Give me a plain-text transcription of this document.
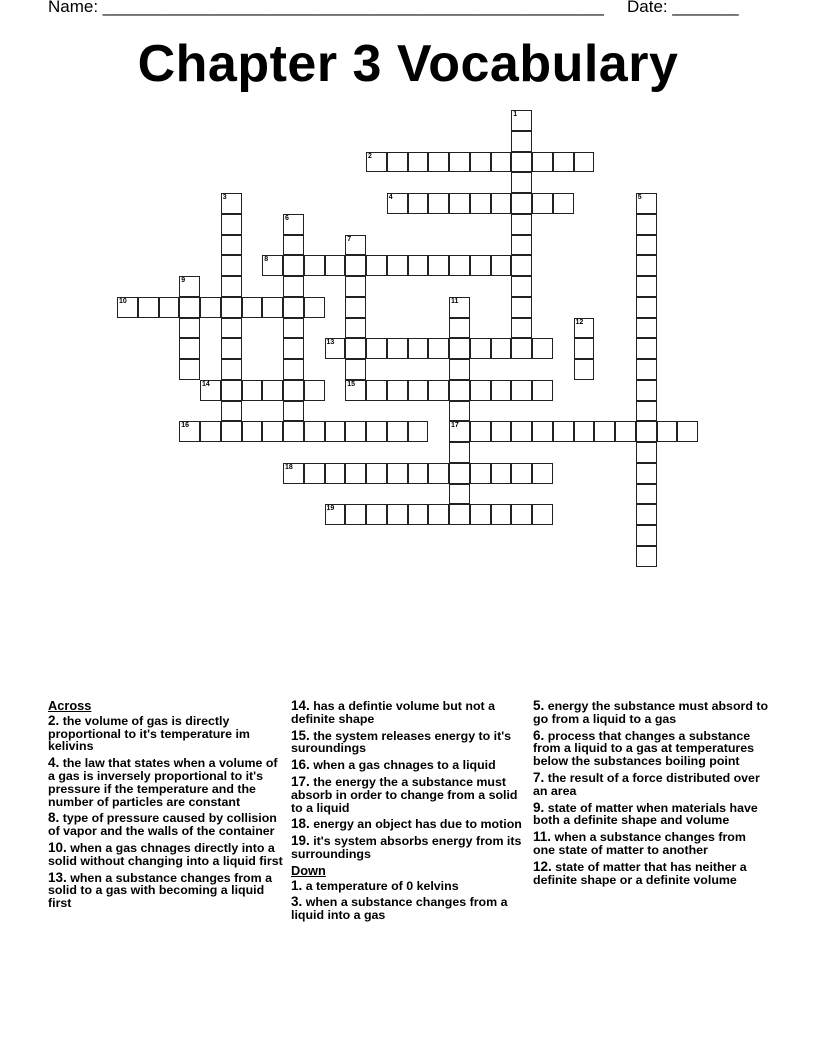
Name: _____________________________________________________ Date: _______
Chapter 3 Vocabulary
1
2
3	4	5
6
7
15
8
9
10	11
17
12
13
14
16
18
19
Across
2. the volume of gas is directly proportional to it's temperature im kelivins
4. the law that states when a volume of a gas is inversely proportional to it's pressure if the temperature and the number of particles are constant
8. type of pressure caused by collision of vapor and the walls of the container
10. when a gas chnages directly into a solid without changing into a liquid first
13. when a substance changes from a solid to a gas with becoming a liquid first
14. has a defintie volume but not a definite shape
15. the system releases energy to it's suroundings
16. when a gas chnages to a liquid
17. the energy the a substance must absorb in order to change from a solid to a liquid
18. energy an object has due to motion
19. it's system absorbs energy from its surroundings
Down
1. a temperature of 0 kelvins
3. when a substance changes from a liquid into a gas
5. energy the substance must absord to go from a liquid to a gas
6. process that changes a substance from a liquid to a gas at temperatures below the substances boiling point
7. the result of a force distributed over an area
9. state of matter when materials have both a definite shape and volume
11. when a substance changes from one state of matter to another
12. state of matter that has neither a definite shape or a definite volume
